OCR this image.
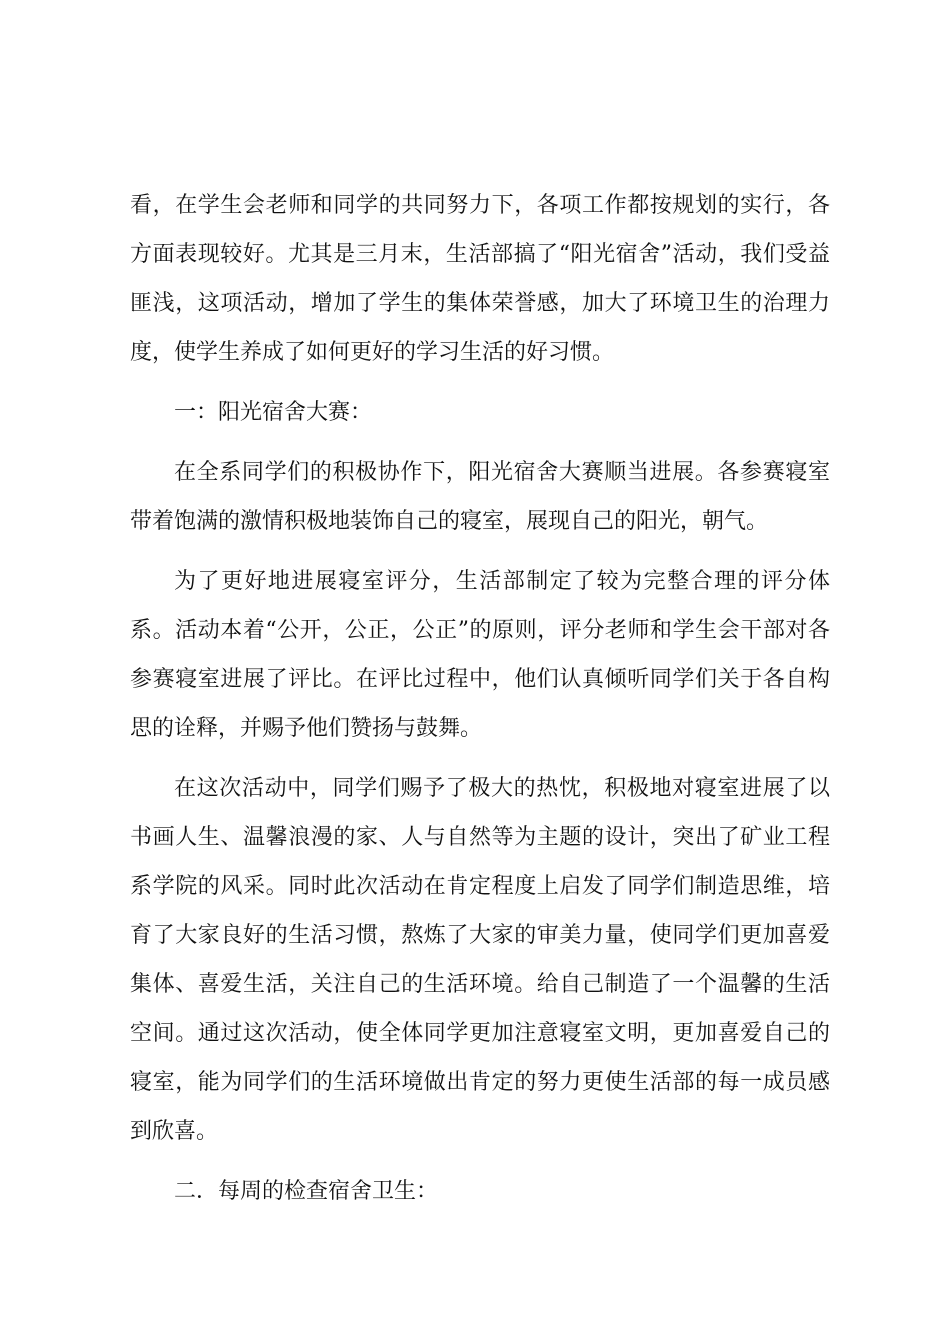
看，在学生会老师和同学的共同努力下，各项工作都按规划的实行，各方面表现较好。尤其是三月末，生活部搞了“阳光宿舍”活动，我们受益匪浅，这项活动，增加了学生的集体荣誉感，加大了环境卫生的治理力度，使学生养成了如何更好的学习生活的好习惯。

一：阳光宿舍大赛：

在全系同学们的积极协作下，阳光宿舍大赛顺当进展。各参赛寝室带着饱满的激情积极地装饰自己的寝室，展现自己的阳光，朝气。

为了更好地进展寝室评分，生活部制定了较为完整合理的评分体系。活动本着“公开，公正，公正”的原则，评分老师和学生会干部对各参赛寝室进展了评比。在评比过程中，他们认真倾听同学们关于各自构思的诠释，并赐予他们赞扬与鼓舞。

在这次活动中，同学们赐予了极大的热忱，积极地对寝室进展了以书画人生、温馨浪漫的家、人与自然等为主题的设计，突出了矿业工程系学院的风采。同时此次活动在肯定程度上启发了同学们制造思维，培育了大家良好的生活习惯，熬炼了大家的审美力量，使同学们更加喜爱集体、喜爱生活，关注自己的生活环境。给自己制造了一个温馨的生活空间。通过这次活动，使全体同学更加注意寝室文明，更加喜爱自己的寝室，能为同学们的生活环境做出肯定的努力更使生活部的每一成员感到欣喜。

二．每周的检查宿舍卫生：
